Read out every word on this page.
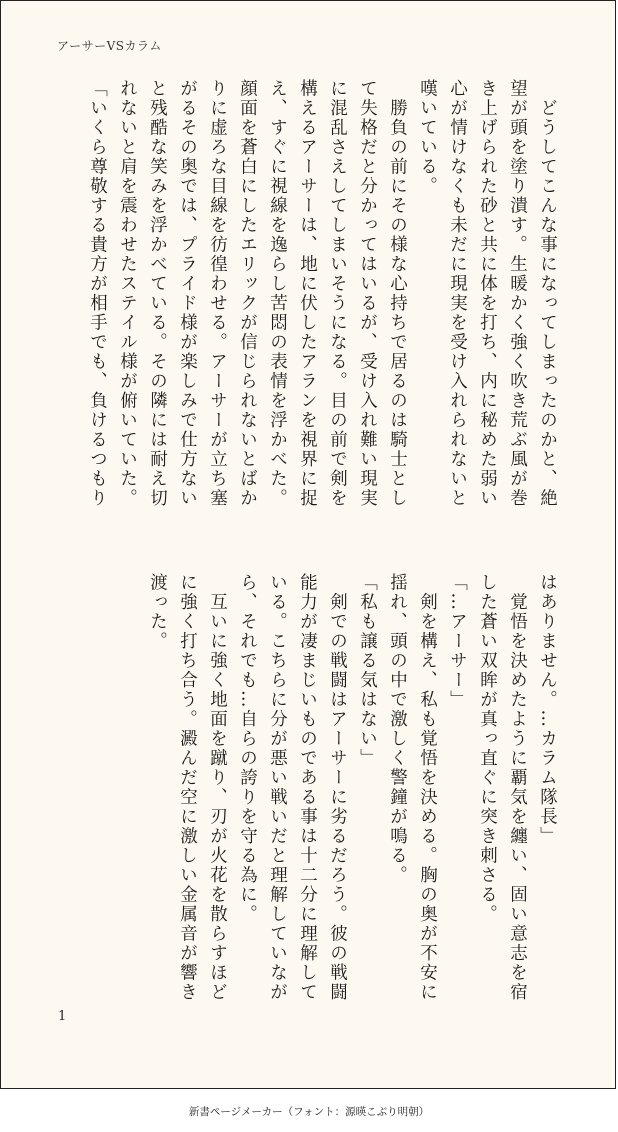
アーサーVSカラム
　どうしてこんな事になってしまったのかと、絶
望が頭を塗り潰す。生暖かく強く吹き荒ぶ風が巻
き上げられた砂と共に体を打ち、内に秘めた弱い
心が情けなくも未だに現実を受け入れられないと
嘆いている。
　勝負の前にその様な心持ちで居るのは騎士とし
て失格だと分かってはいるが、受け入れ難い現実
に混乱さえしてしまいそうになる。目の前で剣を
構えるアーサーは、地に伏したアランを視界に捉
え、すぐに視線を逸らし苦悶の表情を浮かべた。
顔面を蒼白にしたエリックが信じられないとばか
りに虚ろな目線を彷徨わせる。アーサーが立ち塞
がるその奥では、プライド様が楽しみで仕方ない
と残酷な笑みを浮かべている。その隣には耐え切
れないと肩を震わせたステイル様が俯いていた。
「いくら尊敬する貴方が相手でも、負けるつもり
はありません。…カラム隊長」
　覚悟を決めたように覇気を纏い、固い意志を宿
した蒼い双眸が真っ直ぐに突き刺さる。
「…アーサー」
　剣を構え、私も覚悟を決める。胸の奥が不安に
揺れ、頭の中で激しく警鐘が鳴る。
「私も譲る気はない」
　剣での戦闘はアーサーに劣るだろう。彼の戦闘
能力が凄まじいものである事は十二分に理解して
いる。こちらに分が悪い戦いだと理解していなが
ら、それでも…自らの誇りを守る為に。
　互いに強く地面を蹴り、刃が火花を散らすほど
に強く打ち合う。澱んだ空に激しい金属音が響き
渡った。
1
新書ページメーカー（フォント：源暎こぶり明朝）
